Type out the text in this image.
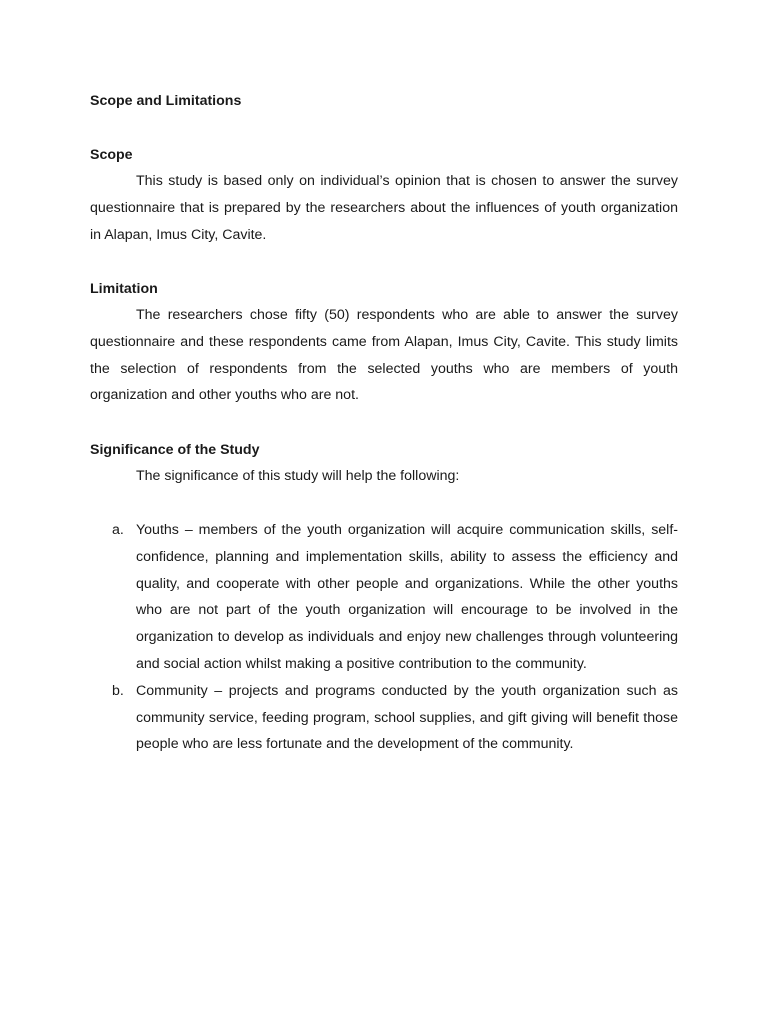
Scope and Limitations
Scope

This study is based only on individual’s opinion that is chosen to answer the survey questionnaire that is prepared by the researchers about the influences of youth organization in Alapan, Imus City, Cavite.

Limitation

The researchers chose fifty (50) respondents who are able to answer the survey questionnaire and these respondents came from Alapan, Imus City, Cavite. This study limits the selection of respondents from the selected youths who are members of youth organization and other youths who are not.

Significance of the Study

The significance of this study will help the following:

a. Youths – members of the youth organization will acquire communication skills, self-confidence, planning and implementation skills, ability to assess the efficiency and quality, and cooperate with other people and organizations. While the other youths who are not part of the youth organization will encourage to be involved in the organization to develop as individuals and enjoy new challenges through volunteering and social action whilst making a positive contribution to the community.
b. Community – projects and programs conducted by the youth organization such as community service, feeding program, school supplies, and gift giving will benefit those people who are less fortunate and the development of the community.
